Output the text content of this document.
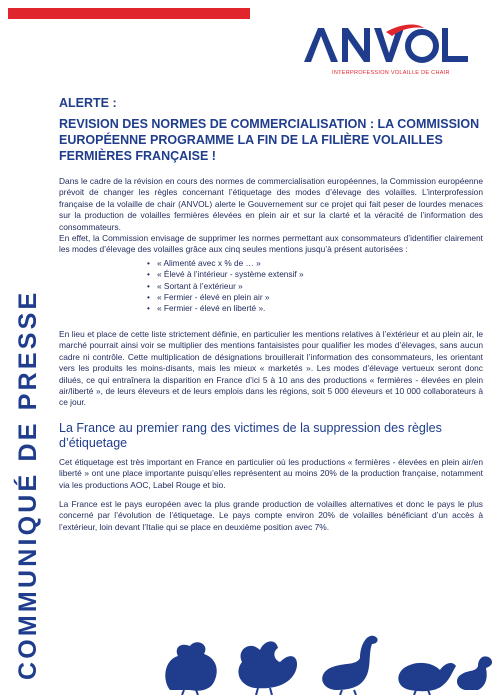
INTERPROFESSION VOLAILLE DE CHAIR
COMMUNIQUÉ DE PRESSE
ALERTE :
REVISION DES NORMES DE COMMERCIALISATION : LA COMMISSION EUROPÉENNE PROGRAMME LA FIN DE LA FILIÈRE VOLAILLES FERMIÈRES FRANÇAISE !

Dans le cadre de la révision en cours des normes de commercialisation européennes, la Commission européenne prévoit de changer les règles concernant l’étiquetage des modes d’élevage des volailles. L’interprofession française de la volaille de chair (ANVOL) alerte le Gouvernement sur ce projet qui fait peser de lourdes menaces sur la production de volailles fermières élevées en plein air et sur la clarté et la véracité de l’information des consommateurs.

En effet, la Commission envisage de supprimer les normes permettant aux consommateurs d’identifier clairement les modes d’élevage des volailles grâce aux cinq seules mentions jusqu’à présent autorisées :

• « Alimenté avec x % de … »
• « Élevé à l’intérieur - système extensif »
• « Sortant à l’extérieur »
• « Fermier - élevé en plein air »
• « Fermier - élevé en liberté ».

En lieu et place de cette liste strictement définie, en particulier les mentions relatives à l’extérieur et au plein air, le marché pourrait ainsi voir se multiplier des mentions fantaisistes pour qualifier les modes d’élevages, sans aucun cadre ni contrôle. Cette multiplication de désignations brouillerait l’information des consommateurs, les orientant vers les produits les moins-disants, mais les mieux « marketés ». Les modes d’élevage vertueux seront donc dilués, ce qui entraînera la disparition en France d’ici 5 à 10 ans des productions « fermières - élevées en plein air/liberté », de leurs éleveurs et de leurs emplois dans les régions, soit 5 000 éleveurs et 10 000 collaborateurs à ce jour.

La France au premier rang des victimes de la suppression des règles d’étiquetage

Cet étiquetage est très important en France en particulier où les productions « fermières - élevées en plein air/en liberté » ont une place importante puisqu’elles représentent au moins 20% de la production française, notamment via les productions AOC, Label Rouge et bio.

La France est le pays européen avec la plus grande production de volailles alternatives et donc le pays le plus concerné par l’évolution de l’étiquetage. Le pays compte environ 20% de volailles bénéficiant d’un accès à l’extérieur, loin devant l’Italie qui se place en deuxième position avec 7%.
